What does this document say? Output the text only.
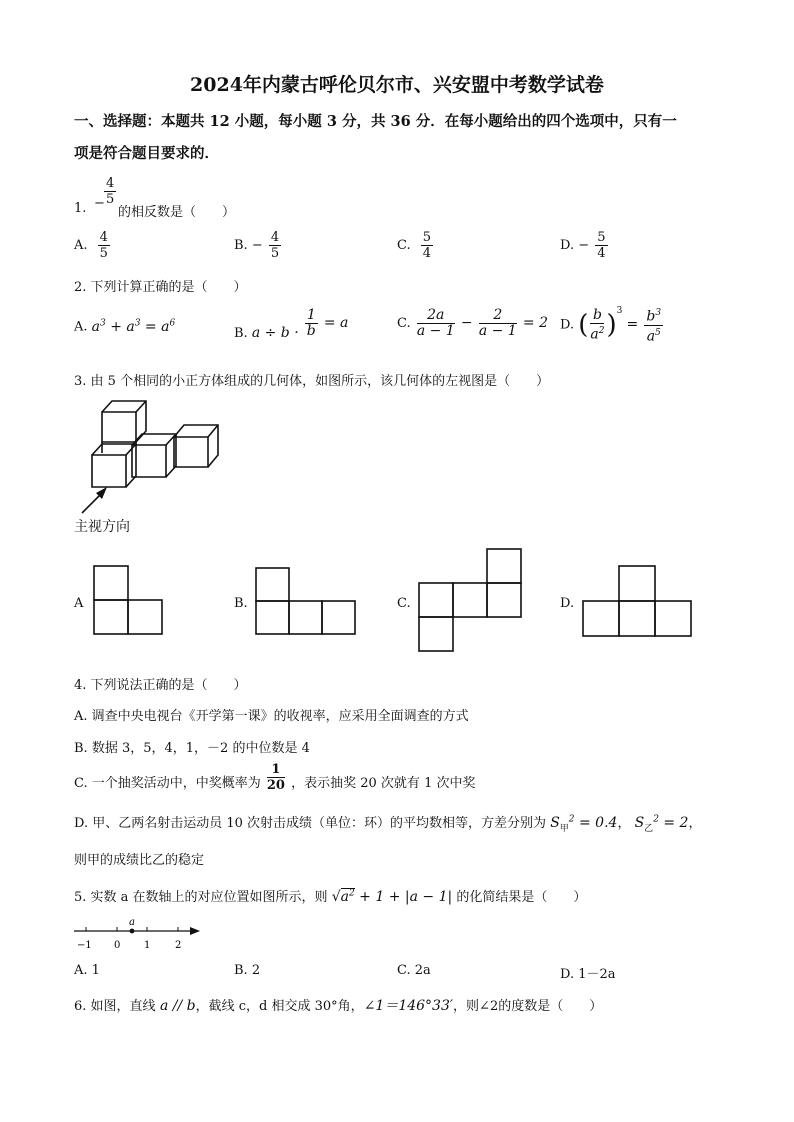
2024年内蒙古呼伦贝尔市、兴安盟中考数学试卷
一、选择题：本题共 12 小题，每小题 3 分，共 36 分．在每小题给出的四个选项中，只有一
项是符合题目要求的．
1. − $\frac{4}{5}$
的相反数是（　　）
A. $\frac{4}{5}$	B. − $\frac{4}{5}$	C. $\frac{5}{4}$	D. − $\frac{5}{4}$
2. 下列计算正确的是（　　）
A. $a^3 + a^3 = a^6$
B. $a \div b \cdot \frac{1}{b} = a$	C. $\frac{2a}{a - 1} - \frac{2}{a - 1} = 2$ D. ( $\frac{b}{a^2} )^3 = \frac{b^3}{a^5}$
3. 由 5 个相同的小正方体组成的几何体，如图所示，该几何体的左视图是（　　）
主视方向
A	B.	C.	D.
4. 下列说法正确的是（　　）
A. 调查中央电视台《开学第一课》的收视率，应采用全面调查的方式
B. 数据 3，5，4，1，－2 的中位数是 4
C. 一个抽奖活动中，中奖概率为 $\frac{1}{20}$ ，表示抽奖 20 次就有 1 次中奖
D. 甲、乙两名射击运动员 10 次射击成绩（单位：环）的平均数相等，方差分别为 $S_甲^2 = 0.4$， $S_乙^2 = 2$，
则甲的成绩比乙的稳定
5. 实数 a 在数轴上的对应位置如图所示，则 $√a^2 + 1 + |a - 1|$ 的化简结果是（　　）
a
−1 0 1 2
A. 1	B. 2	C. 2a	D. 1－2a
6. 如图，直线 a // b，截线 c，d 相交成 30°角，∠1＝146°33′，则∠2的度数是（　　）
